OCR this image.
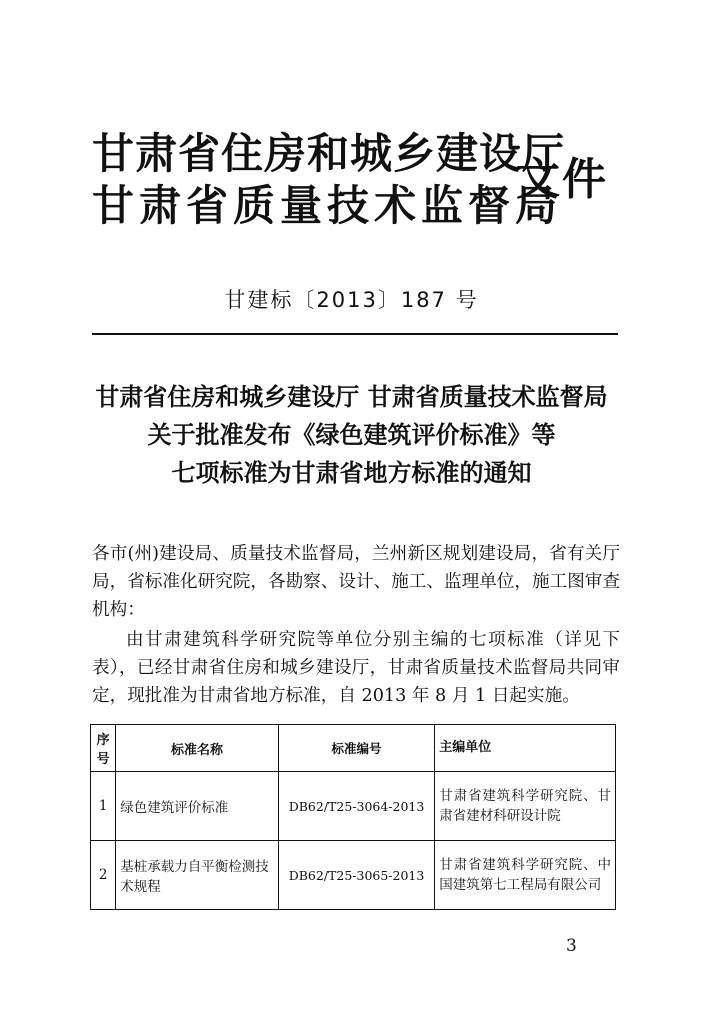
甘肃省住房和城乡建设厅
甘肃省质量技术监督局
文件
甘建标〔2013〕187 号
甘肃省住房和城乡建设厅 甘肃省质量技术监督局
关于批准发布《绿色建筑评价标准》等
七项标准为甘肃省地方标准的通知

各市(州)建设局、质量技术监督局，兰州新区规划建设局，省有关厅局，省标准化研究院，各勘察、设计、施工、监理单位，施工图审查机构：

由甘肃建筑科学研究院等单位分别主编的七项标准（详见下表），已经甘肃省住房和城乡建设厅，甘肃省质量技术监督局共同审定，现批准为甘肃省地方标准，自 2013 年 8 月 1 日起实施。

序号	标准名称	标准编号	主编单位
1	绿色建筑评价标准	DB62/T25-3064-2013	甘肃省建筑科学研究院、甘肃省建材科研设计院
2	基桩承载力自平衡检测技术规程	DB62/T25-3065-2013	甘肃省建筑科学研究院、中国建筑第七工程局有限公司
3
